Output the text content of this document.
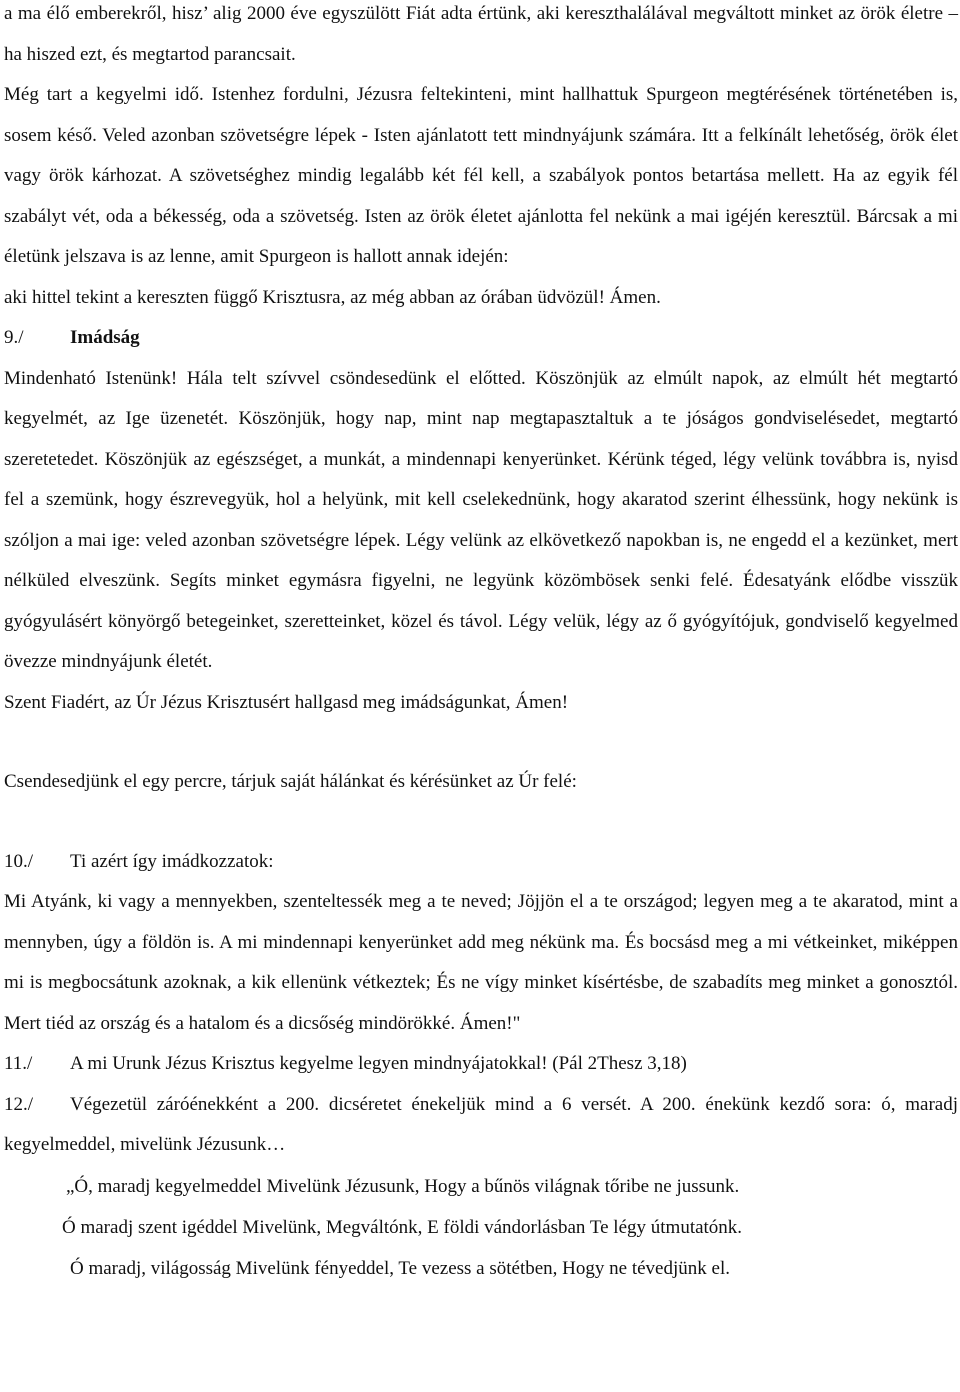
a ma élő emberekről, hisz’ alig 2000 éve egyszülött Fiát adta értünk, aki kereszthalálával megváltott minket az örök életre – ha hiszed ezt, és megtartod parancsait.

Még tart a kegyelmi idő. Istenhez fordulni, Jézusra feltekinteni, mint hallhattuk Spurgeon megtérésének történetében is, sosem késő. Veled azonban szövetségre lépek - Isten ajánlatott tett mindnyájunk számára. Itt a felkínált lehetőség, örök élet vagy örök kárhozat. A szövetséghez mindig legalább két fél kell, a szabályok pontos betartása mellett. Ha az egyik fél szabályt vét, oda a békesség, oda a szövetség. Isten az örök életet ajánlotta fel nekünk a mai igéjén keresztül. Bárcsak a mi életünk jelszava is az lenne, amit Spurgeon is hallott annak idején:

aki hittel tekint a kereszten függő Krisztusra, az még abban az órában üdvözül! Ámen.

9./ Imádság

Mindenható Istenünk! Hála telt szívvel csöndesedünk el előtted. Köszönjük az elmúlt napok, az elmúlt hét megtartó kegyelmét, az Ige üzenetét. Köszönjük, hogy nap, mint nap megtapasztaltuk a te jóságos gondviselésedet, megtartó szeretetedet. Köszönjük az egészséget, a munkát, a mindennapi kenyerünket. Kérünk téged, légy velünk továbbra is, nyisd fel a szemünk, hogy észrevegyük, hol a helyünk, mit kell cselekednünk, hogy akaratod szerint élhessünk, hogy nekünk is szóljon a mai ige: veled azonban szövetségre lépek. Légy velünk az elkövetkező napokban is, ne engedd el a kezünket, mert nélküled elveszünk. Segíts minket egymásra figyelni, ne legyünk közömbösek senki felé. Édesatyánk elődbe visszük gyógyulásért könyörgő betegeinket, szeretteinket, közel és távol. Légy velük, légy az ő gyógyítójuk, gondviselő kegyelmed övezze mindnyájunk életét.

Szent Fiadért, az Úr Jézus Krisztusért hallgasd meg imádságunkat, Ámen!

Csendesedjünk el egy percre, tárjuk saját hálánkat és kérésünket az Úr felé:

10./ Ti azért így imádkozzatok:

Mi Atyánk, ki vagy a mennyekben, szenteltessék meg a te neved; Jöjjön el a te országod; legyen meg a te akaratod, mint a mennyben, úgy a földön is. A mi mindennapi kenyerünket add meg nékünk ma. És bocsásd meg a mi vétkeinket, miképpen mi is megbocsátunk azoknak, a kik ellenünk vétkeztek; És ne vígy minket kísértésbe, de szabadíts meg minket a gonosztól. Mert tiéd az ország és a hatalom és a dicsőség mindörökké. Ámen!"

11./ A mi Urunk Jézus Krisztus kegyelme legyen mindnyájatokkal! (Pál 2Thesz 3,18)

12./ Végezetül záróénekként a 200. dicséretet énekeljük mind a 6 versét. A 200. énekünk kezdő sora: ó, maradj kegyelmeddel, mivelünk Jézusunk…

„Ó, maradj kegyelmeddel Mivelünk Jézusunk, Hogy a bűnös világnak tőribe ne jussunk.

Ó maradj szent igéddel Mivelünk, Megváltónk, E földi vándorlásban Te légy útmutatónk.

Ó maradj, világosság Mivelünk fényeddel, Te vezess a sötétben, Hogy ne tévedjünk el.
